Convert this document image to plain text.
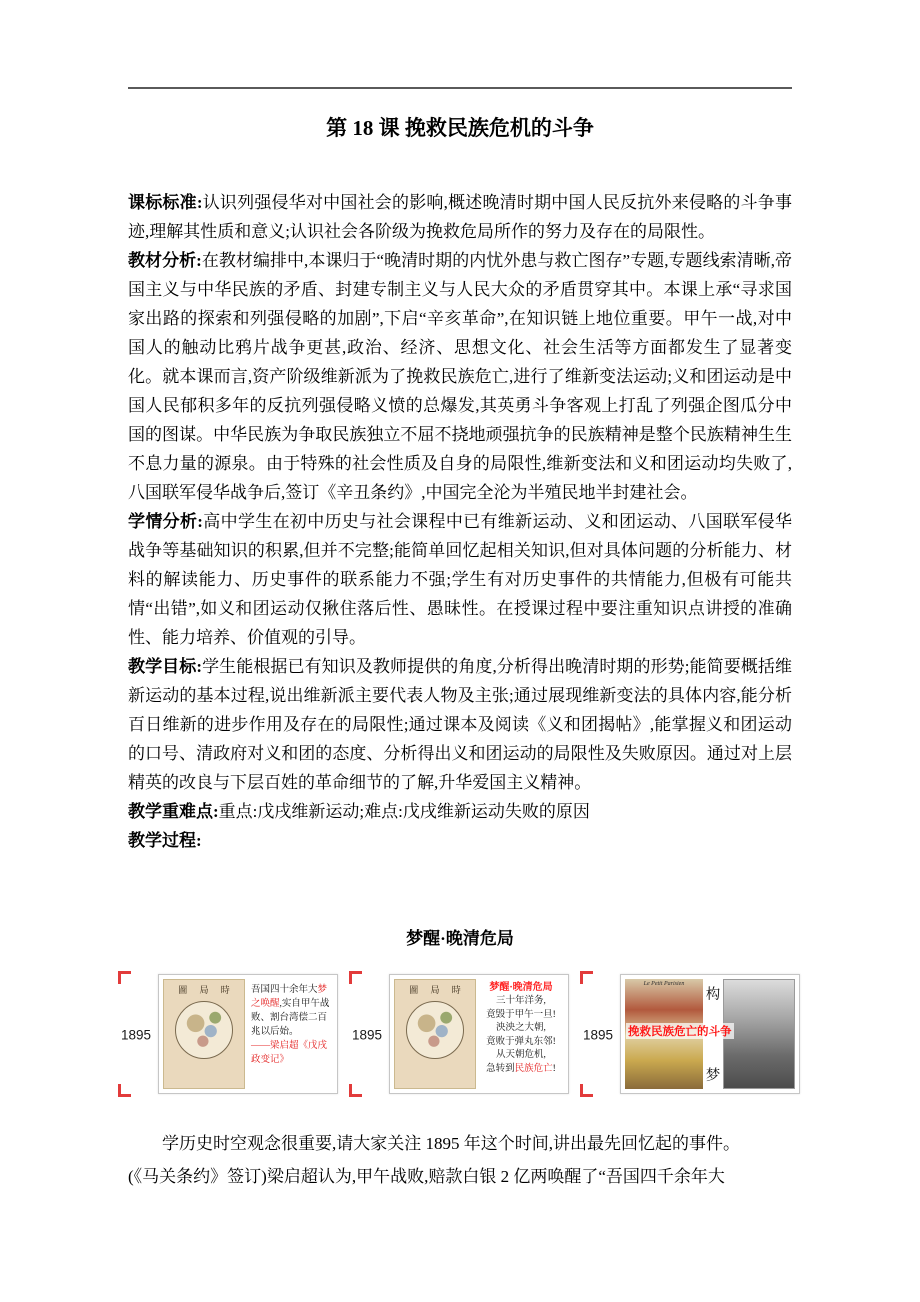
第 18 课 挽救民族危机的斗争

课标标准:认识列强侵华对中国社会的影响,概述晚清时期中国人民反抗外来侵略的斗争事迹,理解其性质和意义;认识社会各阶级为挽救危局所作的努力及存在的局限性。

教材分析:在教材编排中,本课归于“晚清时期的内忧外患与救亡图存”专题,专题线索清晰,帝国主义与中华民族的矛盾、封建专制主义与人民大众的矛盾贯穿其中。本课上承“寻求国家出路的探索和列强侵略的加剧”,下启“辛亥革命”,在知识链上地位重要。甲午一战,对中国人的触动比鸦片战争更甚,政治、经济、思想文化、社会生活等方面都发生了显著变化。就本课而言,资产阶级维新派为了挽救民族危亡,进行了维新变法运动;义和团运动是中国人民郁积多年的反抗列强侵略义愤的总爆发,其英勇斗争客观上打乱了列强企图瓜分中国的图谋。中华民族为争取民族独立不屈不挠地顽强抗争的民族精神是整个民族精神生生不息力量的源泉。由于特殊的社会性质及自身的局限性,维新变法和义和团运动均失败了,八国联军侵华战争后,签订《辛丑条约》,中国完全沦为半殖民地半封建社会。

学情分析:高中学生在初中历史与社会课程中已有维新运动、义和团运动、八国联军侵华战争等基础知识的积累,但并不完整;能简单回忆起相关知识,但对具体问题的分析能力、材料的解读能力、历史事件的联系能力不强;学生有对历史事件的共情能力,但极有可能共情“出错”,如义和团运动仅揪住落后性、愚昧性。在授课过程中要注重知识点讲授的准确性、能力培养、价值观的引导。

教学目标:学生能根据已有知识及教师提供的角度,分析得出晚清时期的形势;能简要概括维新运动的基本过程,说出维新派主要代表人物及主张;通过展现维新变法的具体内容,能分析百日维新的进步作用及存在的局限性;通过课本及阅读《义和团揭帖》,能掌握义和团运动的口号、清政府对义和团的态度、分析得出义和团运动的局限性及失败原因。通过对上层精英的改良与下层百姓的革命细节的了解,升华爱国主义精神。

教学重难点:重点:戊戌维新运动;难点:戊戌维新运动失败的原因

教学过程:

梦醒·晚清危局

1895
圖 局 時	吾国四十余年大梦之唤醒,实自甲午战败、割台湾偿二百兆以后始。
——梁启超《戊戌政变记》
1895
圖 局 時	梦醒·晚清危局
三十年洋务,
竟毁于甲午一旦!
泱泱之大朝,
竟败于弹丸东邻!
从天朝危机,
急转到民族危亡!
1895
Le Petit Parisien
挽救民族危亡的斗争
构
梦

学历史时空观念很重要,请大家关注 1895 年这个时间,讲出最先回忆起的事件。

(《马关条约》签订)梁启超认为,甲午战败,赔款白银 2 亿两唤醒了“吾国四千余年大
